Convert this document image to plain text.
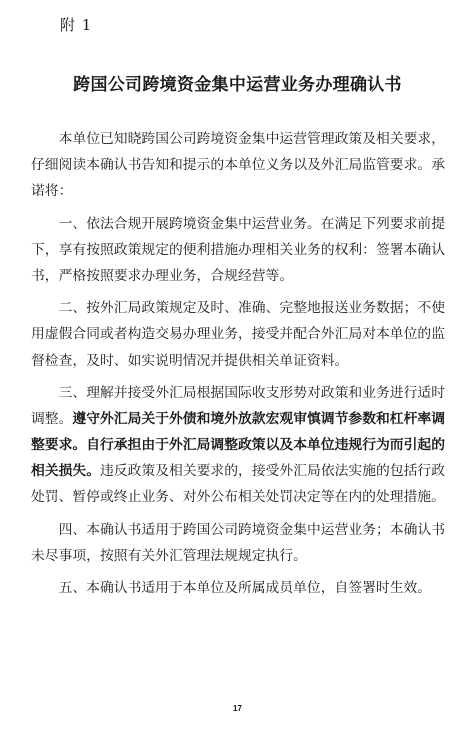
附 1
跨国公司跨境资金集中运营业务办理确认书

本单位已知晓跨国公司跨境资金集中运营管理政策及相关要求，仔细阅读本确认书告知和提示的本单位义务以及外汇局监管要求。承诺将：

一、依法合规开展跨境资金集中运营业务。在满足下列要求前提下，享有按照政策规定的便利措施办理相关业务的权利：签署本确认书，严格按照要求办理业务，合规经营等。

二、按外汇局政策规定及时、准确、完整地报送业务数据；不使用虚假合同或者构造交易办理业务，接受并配合外汇局对本单位的监督检查，及时、如实说明情况并提供相关单证资料。

三、理解并接受外汇局根据国际收支形势对政策和业务进行适时调整。遵守外汇局关于外债和境外放款宏观审慎调节参数和杠杆率调整要求。自行承担由于外汇局调整政策以及本单位违规行为而引起的相关损失。违反政策及相关要求的，接受外汇局依法实施的包括行政处罚、暂停或终止业务、对外公布相关处罚决定等在内的处理措施。

四、本确认书适用于跨国公司跨境资金集中运营业务；本确认书未尽事项，按照有关外汇管理法规规定执行。

五、本确认书适用于本单位及所属成员单位，自签署时生效。

17
